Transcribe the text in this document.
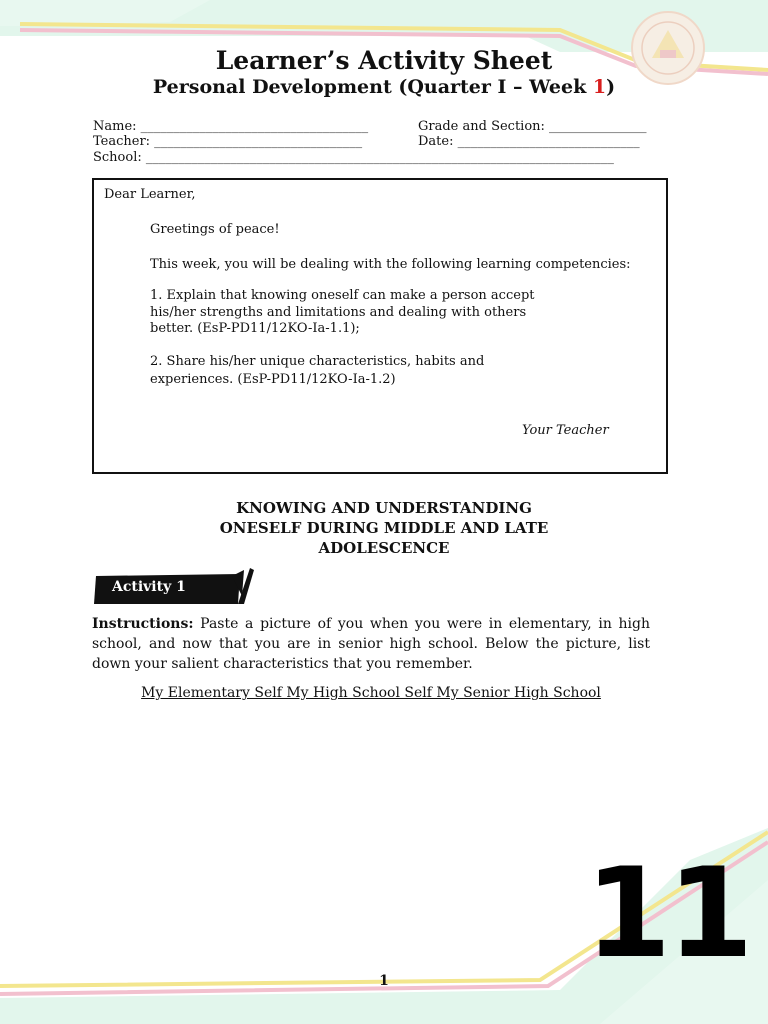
Learner’s Activity Sheet
Personal Development (Quarter I – Week 1)
Name: ___________________________________	Grade and Section: _______________
Teacher: ________________________________	Date: ____________________________
School: ________________________________________________________________________
Dear Learner,
Greetings of peace!
This week, you will be dealing with the following learning competencies:
1. Explain that knowing oneself can make a person accept
his/her strengths and limitations and dealing with others
better. (EsP-PD11/12KO-Ia-1.1);
2. Share his/her unique characteristics, habits and
experiences. (EsP-PD11/12KO-Ia-1.2)
Your Teacher
KNOWING AND UNDERSTANDING
ONESELF DURING MIDDLE AND LATE
ADOLESCENCE
Activity 1
Instructions: Paste a picture of you when you were in elementary, in high school, and now that you are in senior high school. Below the picture, list down your salient characteristics that you remember.
My Elementary Self My High School Self My Senior High School
11
1
